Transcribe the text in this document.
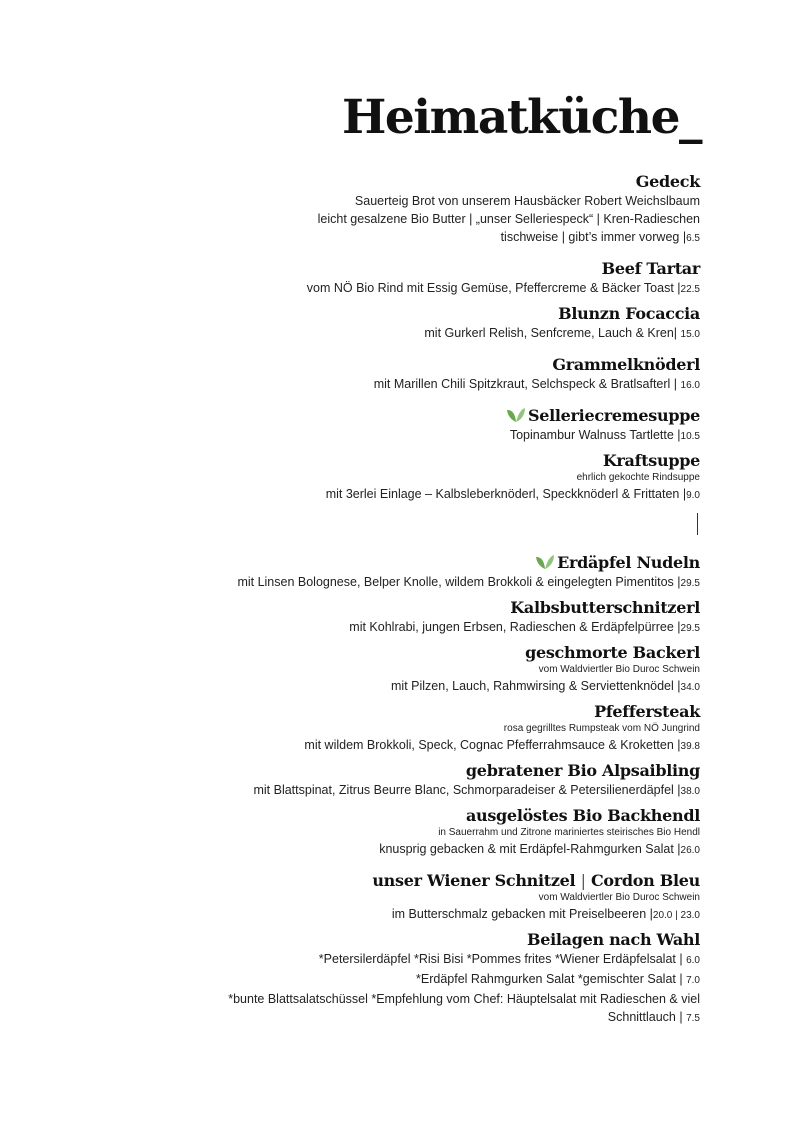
Heimatküche_
Gedeck
Sauerteig Brot von unserem Hausbäcker Robert Weichslbaum
leicht gesalzene Bio Butter | „unser Selleriespeck“ | Kren-Radieschen
tischweise | gibt’s immer vorweg |6.5
Beef Tartar
vom NÖ Bio Rind mit Essig Gemüse, Pfeffercreme & Bäcker Toast |22.5
Blunzn Focaccia
mit Gurkerl Relish, Senfcreme, Lauch & Kren| 15.0
Grammelknöderl
mit Marillen Chili Spitzkraut, Selchspeck & Bratlsafterl | 16.0
Selleriecremesuppe
Topinambur Walnuss Tartlette |10.5
Kraftsuppe
ehrlich gekochte Rindsuppe
mit 3erlei Einlage – Kalbsleberknöderl, Speckknöderl & Frittaten |9.0
Erdäpfel Nudeln
mit Linsen Bolognese, Belper Knolle, wildem Brokkoli & eingelegten Pimentitos |29.5
Kalbsbutterschnitzerl
mit Kohlrabi, jungen Erbsen, Radieschen & Erdäpfelpürree |29.5
geschmorte Backerl
vom Waldviertler Bio Duroc Schwein
mit Pilzen, Lauch, Rahmwirsing & Serviettenknödel |34.0
Pfeffersteak
rosa gegrilltes Rumpsteak vom NÖ Jungrind
mit wildem Brokkoli, Speck, Cognac Pfefferrahmsauce & Kroketten |39.8
gebratener Bio Alpsaibling
mit Blattspinat, Zitrus Beurre Blanc, Schmorparadeiser & Petersilienerdäpfel |38.0
ausgelöstes Bio Backhendl
in Sauerrahm und Zitrone mariniertes steirisches Bio Hendl
knusprig gebacken & mit Erdäpfel-Rahmgurken Salat |26.0
unser Wiener Schnitzel | Cordon Bleu
vom Waldviertler Bio Duroc Schwein
im Butterschmalz gebacken mit Preiselbeeren |20.0 | 23.0
Beilagen nach Wahl
*Petersilerdäpfel *Risi Bisi *Pommes frites *Wiener Erdäpfelsalat | 6.0
*Erdäpfel Rahmgurken Salat *gemischter Salat | 7.0
*bunte Blattsalatschüssel *Empfehlung vom Chef: Häuptelsalat mit Radieschen & viel
Schnittlauch | 7.5
